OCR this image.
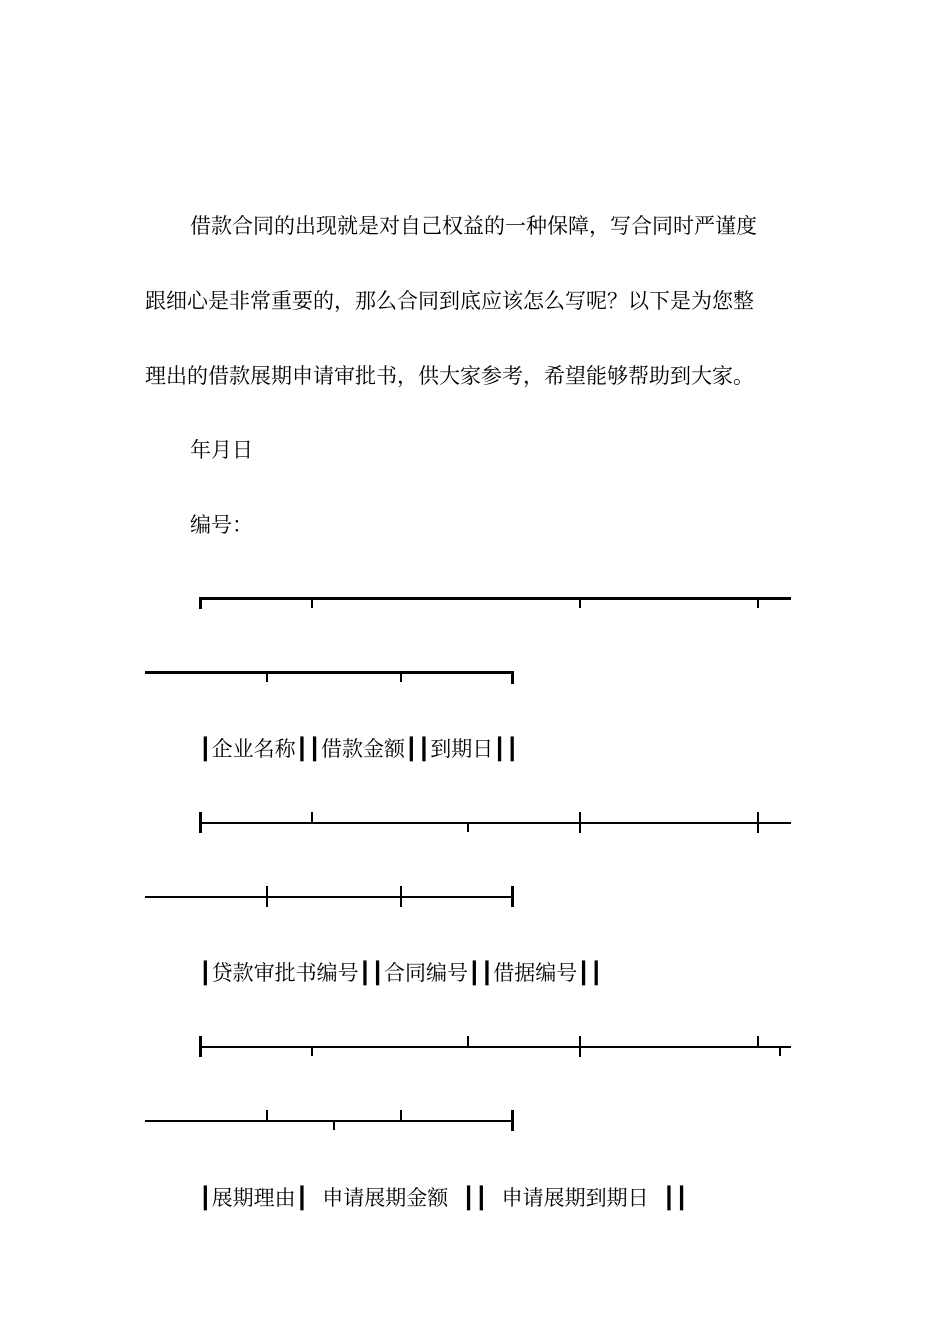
借款合同的出现就是对自己权益的一种保障，写合同时严谨度
跟细心是非常重要的，那么合同到底应该怎么写呢？以下是为您整
理出的借款展期申请审批书，供大家参考，希望能够帮助到大家。
年月日
编号：
┃企业名称┃┃借款金额┃┃到期日┃┃
┃贷款审批书编号┃┃合同编号┃┃借据编号┃┃
┃展期理由┃ 申请展期金额 ┃┃ 申请展期到期日 ┃┃
